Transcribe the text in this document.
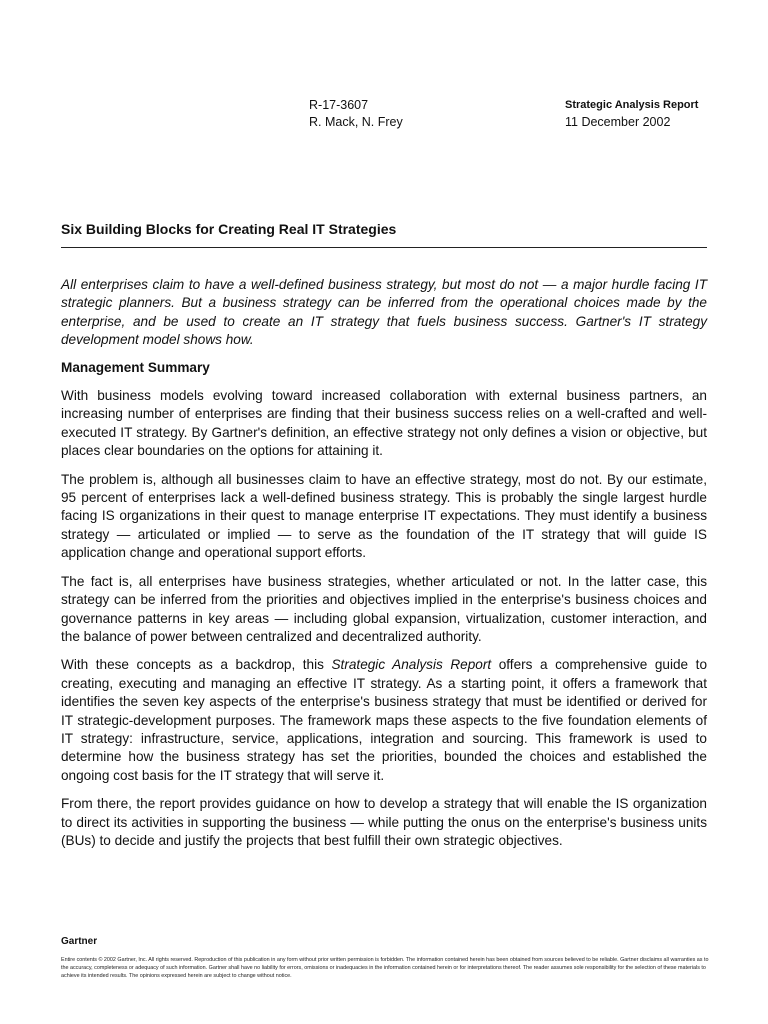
R-17-3607
R. Mack, N. Frey
Strategic Analysis Report
11 December 2002
Six Building Blocks for Creating Real IT Strategies

All enterprises claim to have a well-defined business strategy, but most do not — a major hurdle facing IT strategic planners. But a business strategy can be inferred from the operational choices made by the enterprise, and be used to create an IT strategy that fuels business success. Gartner's IT strategy development model shows how.

Management Summary

With business models evolving toward increased collaboration with external business partners, an increasing number of enterprises are finding that their business success relies on a well-crafted and well-executed IT strategy. By Gartner's definition, an effective strategy not only defines a vision or objective, but places clear boundaries on the options for attaining it.

The problem is, although all businesses claim to have an effective strategy, most do not. By our estimate, 95 percent of enterprises lack a well-defined business strategy. This is probably the single largest hurdle facing IS organizations in their quest to manage enterprise IT expectations. They must identify a business strategy — articulated or implied — to serve as the foundation of the IT strategy that will guide IS application change and operational support efforts.

The fact is, all enterprises have business strategies, whether articulated or not. In the latter case, this strategy can be inferred from the priorities and objectives implied in the enterprise's business choices and governance patterns in key areas — including global expansion, virtualization, customer interaction, and the balance of power between centralized and decentralized authority.

With these concepts as a backdrop, this Strategic Analysis Report offers a comprehensive guide to creating, executing and managing an effective IT strategy. As a starting point, it offers a framework that identifies the seven key aspects of the enterprise's business strategy that must be identified or derived for IT strategic-development purposes. The framework maps these aspects to the five foundation elements of IT strategy: infrastructure, service, applications, integration and sourcing. This framework is used to determine how the business strategy has set the priorities, bounded the choices and established the ongoing cost basis for the IT strategy that will serve it.

From there, the report provides guidance on how to develop a strategy that will enable the IS organization to direct its activities in supporting the business — while putting the onus on the enterprise's business units (BUs) to decide and justify the projects that best fulfill their own strategic objectives.

Gartner
Entire contents © 2002 Gartner, Inc. All rights reserved. Reproduction of this publication in any form without prior written permission is forbidden. The information contained herein has been obtained from sources believed to be reliable. Gartner disclaims all warranties as to the accuracy, completeness or adequacy of such information. Gartner shall have no liability for errors, omissions or inadequacies in the information contained herein or for interpretations thereof. The reader assumes sole responsibility for the selection of these materials to achieve its intended results. The opinions expressed herein are subject to change without notice.
